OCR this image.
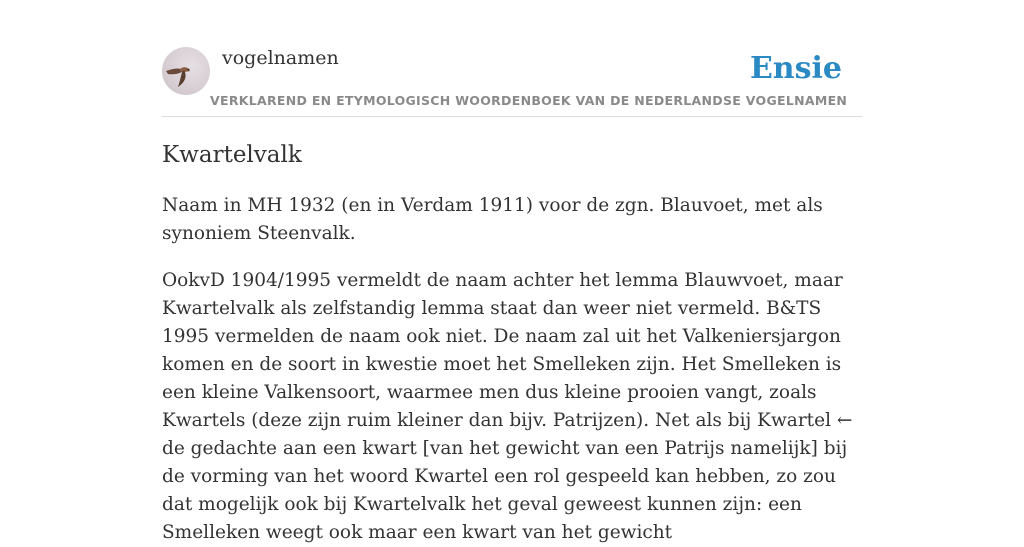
vogelnamen	Ensie
VERKLAREND EN ETYMOLOGISCH WOORDENBOEK VAN DE NEDERLANDSE VOGELNAMEN
Kwartelvalk

Naam in MH 1932 (en in Verdam 1911) voor de zgn. Blauvoet, met als synoniem Steenvalk.

OokvD 1904/1995 vermeldt de naam achter het lemma Blauwvoet, maar Kwartelvalk als zelfstandig lemma staat dan weer niet vermeld. B&TS 1995 vermelden de naam ook niet. De naam zal uit het Valkeniersjargon komen en de soort in kwestie moet het Smelleken zijn. Het Smelleken is een kleine Valkensoort, waarmee men dus kleine prooien vangt, zoals Kwartels (deze zijn ruim kleiner dan bijv. Patrijzen). Net als bij Kwartel ← de gedachte aan een kwart [van het gewicht van een Patrijs namelijk] bij de vorming van het woord Kwartel een rol gespeeld kan hebben, zo zou dat mogelijk ook bij Kwartelvalk het geval geweest kunnen zijn: een Smelleken weegt ook maar een kwart van het gewicht
